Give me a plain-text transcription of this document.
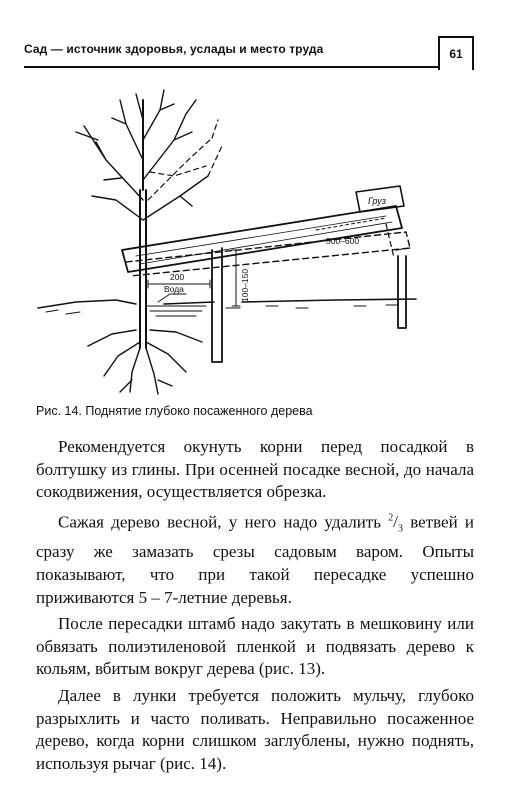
Сад — источник здоровья, услады и место труда	61
Груз
500–600
100–150
200
Вода
Рис. 14. Поднятие глубоко посаженного дерева

Рекомендуется окунуть корни перед посадкой в болтушку из глины. При осенней посадке весной, до начала сокодвижения, осуществляется обрезка.

Сажая дерево весной, у него надо удалить $^2/_3$ ветвей и сразу же замазать срезы садовым варом. Опыты показывают, что при такой пересадке успешно приживаются 5 – 7-летние деревья.

После пересадки штамб надо закутать в мешковину или обвязать полиэтиленовой пленкой и подвязать дерево к кольям, вбитым вокруг дерева (рис. 13).

Далее в лунки требуется положить мульчу, глубоко разрыхлить и часто поливать. Неправильно посаженное дерево, когда корни слишком заглублены, нужно поднять, используя рычаг (рис. 14).
